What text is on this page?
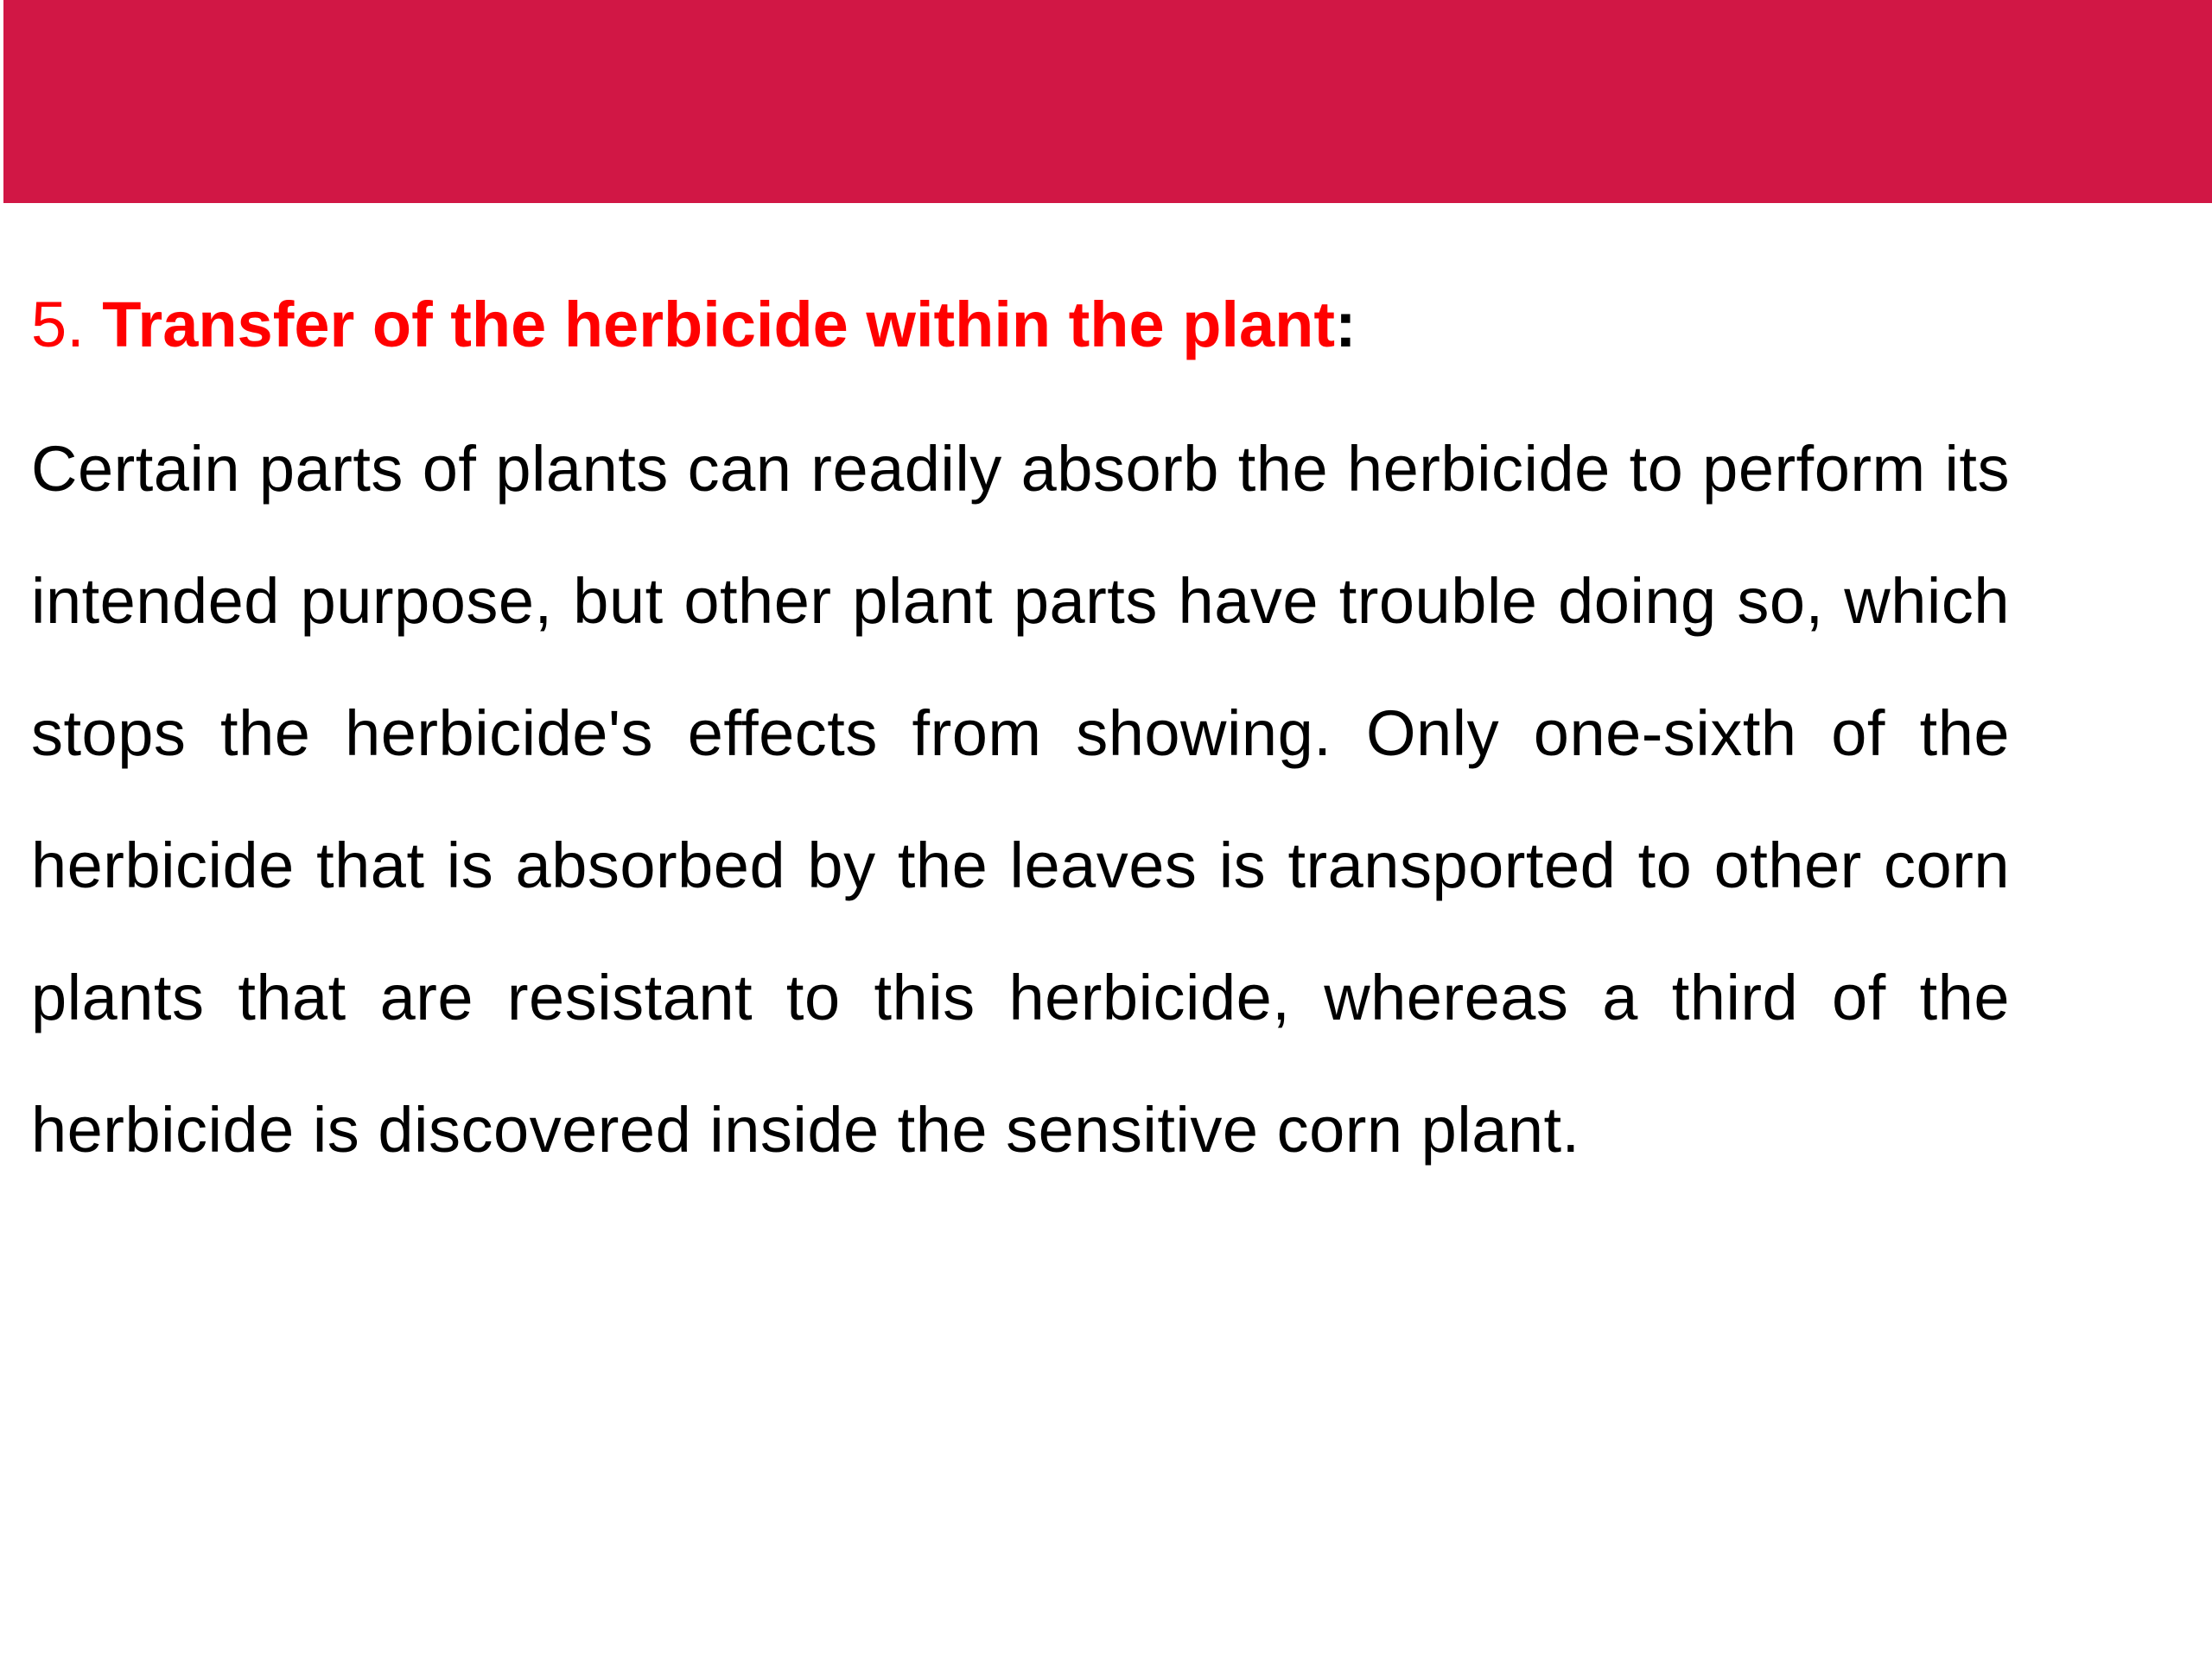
5. Transfer of the herbicide within the plant:

Certain parts of plants can readily absorb the herbicide to perform its intended purpose, but other plant parts have trouble doing so, which stops the herbicide's effects from showing. Only one-sixth of the herbicide that is absorbed by the leaves is transported to other corn plants that are resistant to this herbicide, whereas a third of the herbicide is discovered inside the sensitive corn plant.
